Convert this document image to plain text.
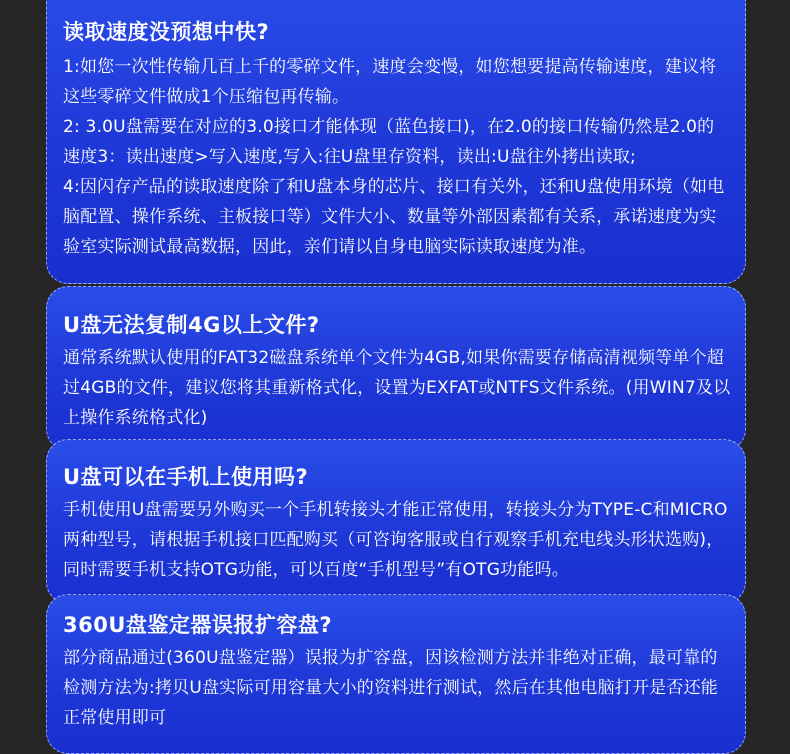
读取速度没预想中快?

1:如您一次性传输几百上千的零碎文件，速度会变慢，如您想要提高传输速度，建议将这些零碎文件做成1个压缩包再传输。

2: 3.0U盘需要在对应的3.0接口才能体现（蓝色接口)，在2.0的接口传输仍然是2.0的速度3：读出速度>写入速度,写入:往U盘里存资料，读出:U盘往外拷出读取;

4:因闪存产品的读取速度除了和U盘本身的芯片、接口有关外，还和U盘使用环境（如电脑配置、操作系统、主板接口等）文件大小、数量等外部因素都有关系，承诺速度为实验室实际测试最高数据，因此，亲们请以自身电脑实际读取速度为准。

U盘无法复制4G以上文件?

通常系统默认使用的FAT32磁盘系统单个文件为4GB,如果你需要存储高清视频等单个超过4GB的文件，建议您将其重新格式化，设置为EXFAT或NTFS文件系统。(用WIN7及以上操作系统格式化)

U盘可以在手机上使用吗?

手机使用U盘需要另外购买一个手机转接头才能正常使用，转接头分为TYPE-C和MICRO两种型号，请根据手机接口匹配购买（可咨询客服或自行观察手机充电线头形状选购)，同时需要手机支持OTG功能，可以百度“手机型号”有OTG功能吗。

360U盘鉴定器误报扩容盘?

部分商品通过(360U盘鉴定器）误报为扩容盘，因该检测方法并非绝对正确，最可靠的检测方法为:拷贝U盘实际可用容量大小的资料进行测试，然后在其他电脑打开是否还能正常使用即可
